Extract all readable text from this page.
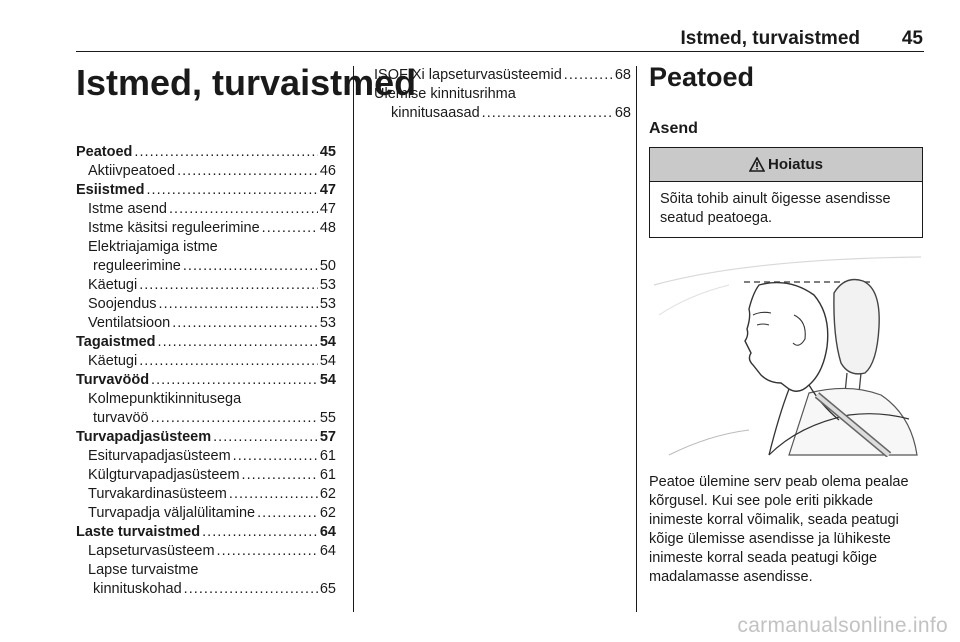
Istmed, turvaistmed 45
Istmed, turvaistmed
Peatoed . . .	45
Aktiivpeatoed . . .	46
Esiistmed . . .	47
Istme asend . . .	47
Istme käsitsi reguleerimine . . .	48
Elektriajamiga istme
reguleerimine . . .	50
Käetugi . . .	53
Soojendus . . .	53
Ventilatsioon . . .	53
Tagaistmed . . .	54
Käetugi . . .	54
Turvavööd . . .	54
Kolmepunktikinnitusega
turvavöö . . .	55
Turvapadjasüsteem . . .	57
Esiturvapadjasüsteem . . .	61
Külgturvapadjasüsteem . . .	61
Turvakardinasüsteem . . .	62
Turvapadja väljalülitamine . . .	62
Laste turvaistmed . . .	64
Lapseturvasüsteem . . .	64
Lapse turvaistme
kinnituskohad . . .	65
ISOFIXi lapseturvasüsteemid . . .	68
Ülemise kinnitusrihma
kinnitusaasad . . .	68
Peatoed
Asend
Hoiatus
Sõita tohib ainult õigesse asendisse seatud peatoega.
Peatoe ülemine serv peab olema pealae kõrgusel. Kui see pole eriti pikkade inimeste korral võimalik, seada peatugi kõige ülemisse asendisse ja lühikeste inimeste korral seada peatugi kõige madalamasse asendisse.
carmanualsonline.info
